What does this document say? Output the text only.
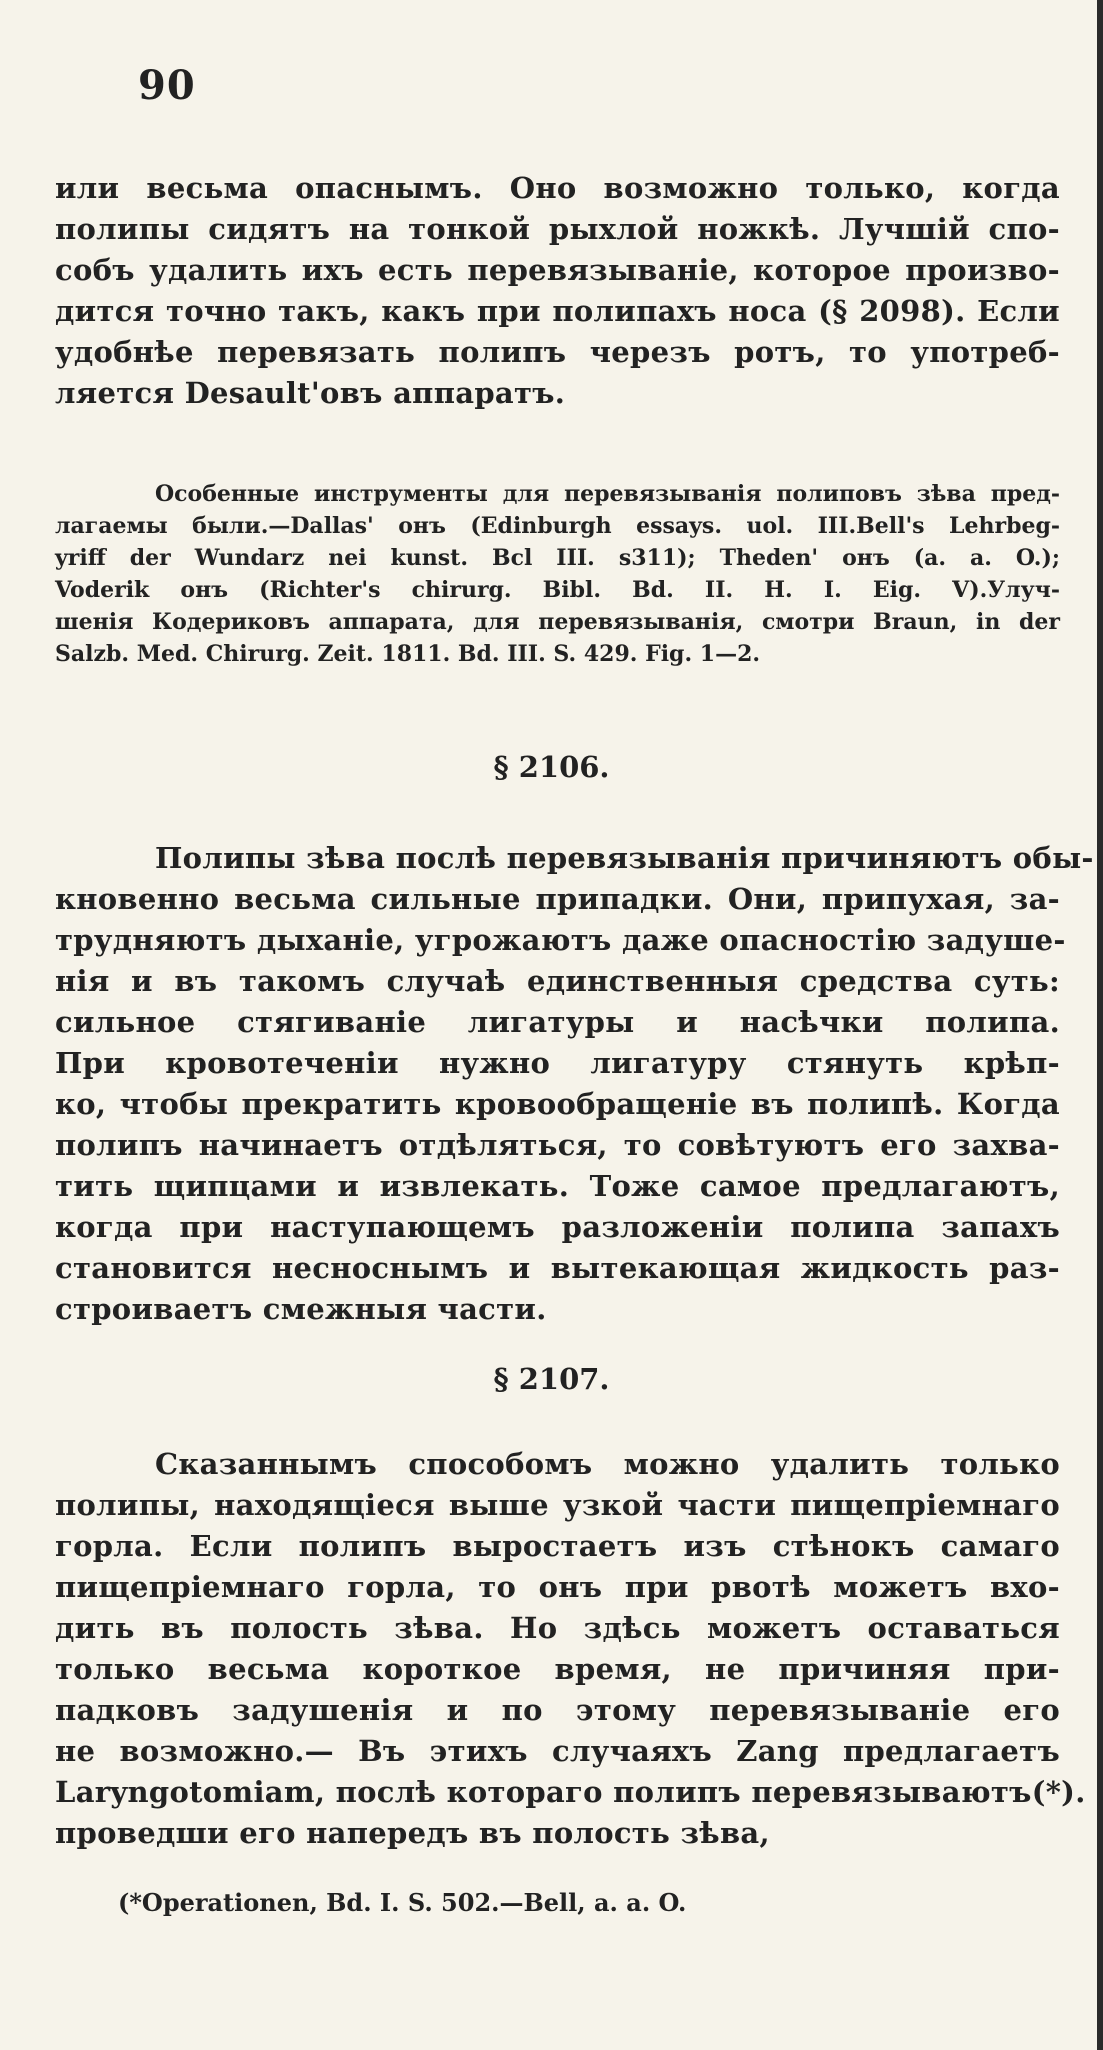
90
или весьма опаснымъ. Оно возможно только, когда
полипы сидятъ на тонкой рыхлой ножкѣ. Лучшій спо-
собъ удалить ихъ есть перевязываніе, которое произво-
дится точно такъ, какъ при полипахъ носа (§ 2098). Если
удобнѣе перевязать полипъ черезъ ротъ, то употреб-
ляется Desault'овъ аппаратъ.
Особенные инструменты для перевязыванія полиповъ зѣва пред-
лагаемы были.—Dallas' онъ (Edinburgh essays. uol. III.Bell's Lehrbeg-
yriff der Wundarz nei kunst. Bcl III. s311); Theden' онъ (a. a. O.);
Voderik онъ (Richter's chirurg. Bibl. Bd. II. H. I. Eig. V).Улуч-
шенія Кодериковъ аппарата, для перевязыванія, смотри Braun, in der
Salzb. Med. Chirurg. Zeit. 1811. Bd. III. S. 429. Fig. 1—2.
§ 2106.
Полипы зѣва послѣ перевязыванія причиняютъ обы-
кновенно весьма сильные припадки. Они, припухая, за-
трудняютъ дыханіе, угрожаютъ даже опасностію задуше-
нія и въ такомъ случаѣ единственныя средства суть:
сильное стягиваніе лигатуры и насѣчки полипа.
При кровотеченіи нужно лигатуру стянуть крѣп-
ко, чтобы прекратить кровообращеніе въ полипѣ. Когда
полипъ начинаетъ отдѣляться, то совѣтуютъ его захва-
тить щипцами и извлекать. Тоже самое предлагаютъ,
когда при наступающемъ разложеніи полипа запахъ
становится несноснымъ и вытекающая жидкость раз-
строиваетъ смежныя части.
§ 2107.
Сказаннымъ способомъ можно удалить только
полипы, находящіеся выше узкой части пищепріемнаго
горла. Если полипъ выростаетъ изъ стѣнокъ самаго
пищепріемнаго горла, то онъ при рвотѣ можетъ вхо-
дить въ полость зѣва. Но здѣсь можетъ оставаться
только весьма короткое время, не причиняя при-
падковъ задушенія и по этому перевязываніе его
не возможно.— Въ этихъ случаяхъ Zang предлагаетъ
Laryngotomiam, послѣ котораго полипъ перевязываютъ(*).
проведши его напередъ въ полость зѣва,
(*Operationen, Bd. I. S. 502.—Bell, a. a. O.
